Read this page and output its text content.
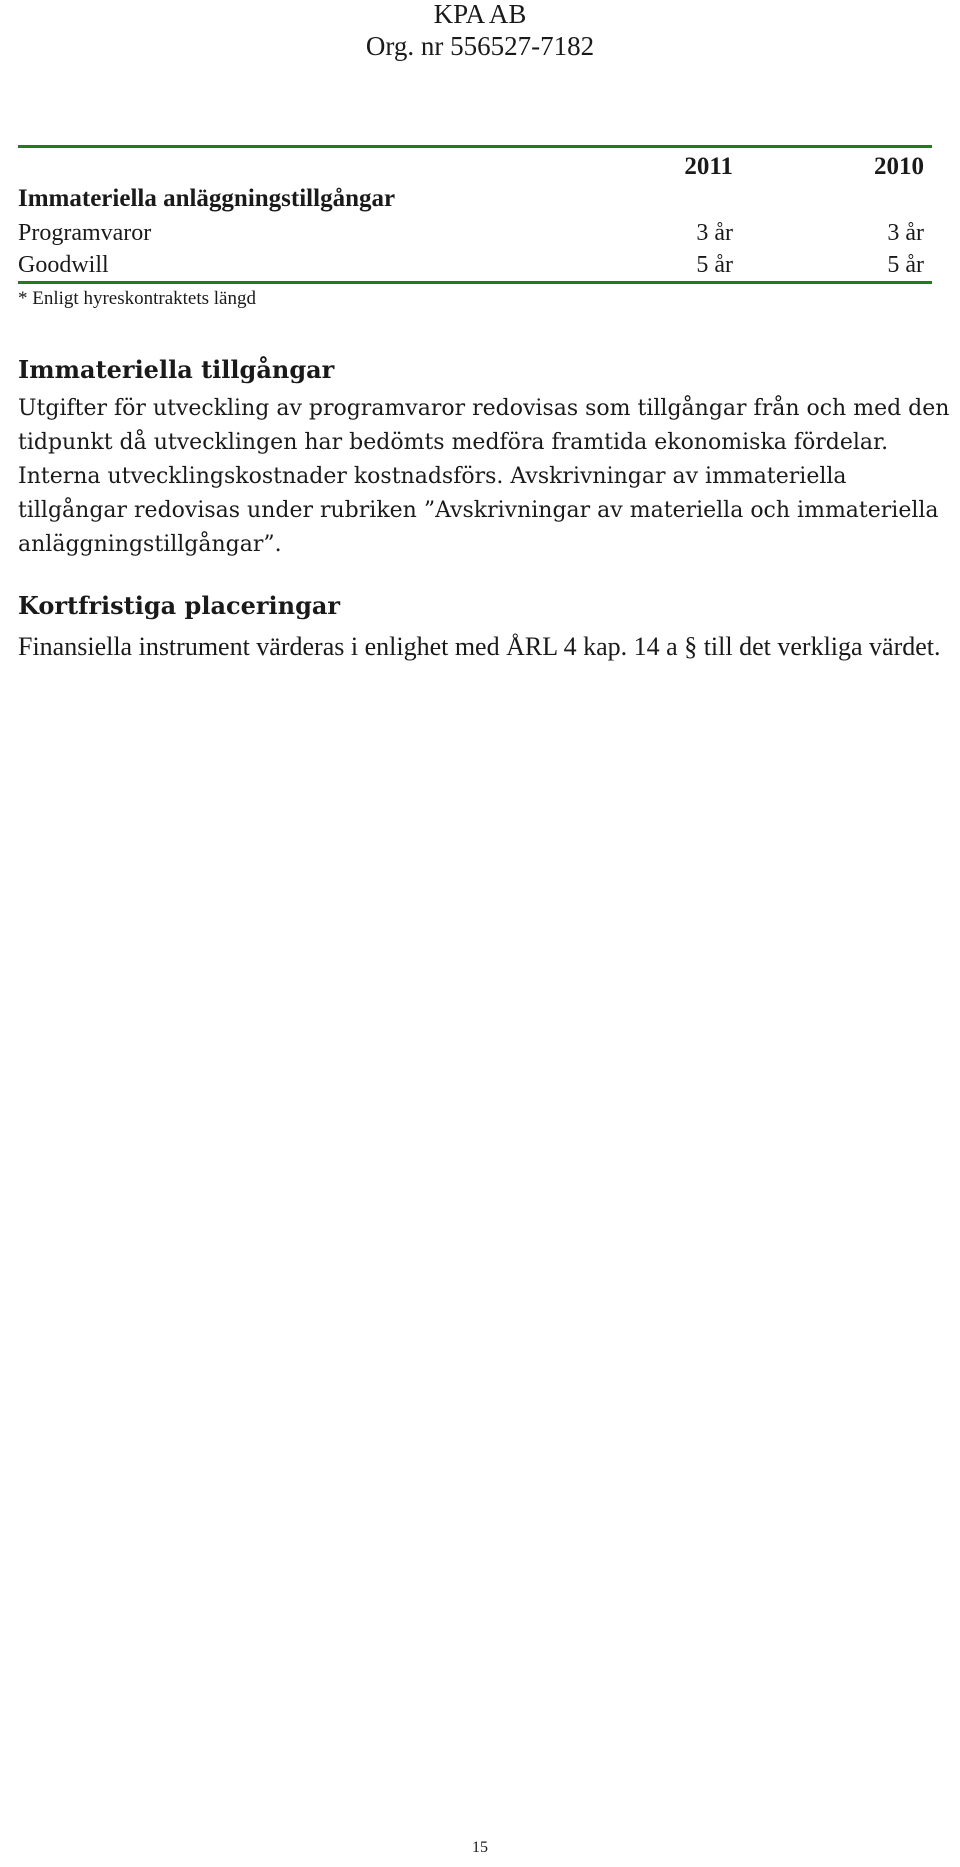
KPA AB
Org. nr 556527-7182
2011	2010
Immateriella anläggningstillgångar
Programvaror	3 år	3 år
Goodwill	5 år	5 år
* Enligt hyreskontraktets längd
Immateriella tillgångar
Utgifter för utveckling av programvaror redovisas som tillgångar från och med den tidpunkt då utvecklingen har bedömts medföra framtida ekonomiska fördelar. Interna utvecklingskostnader kostnadsförs. Avskrivningar av immateriella tillgångar redovisas under rubriken ”Avskrivningar av materiella och immateriella anläggningstillgångar”.
Kortfristiga placeringar
Finansiella instrument värderas i enlighet med ÅRL 4 kap. 14 a § till det verkliga värdet.
15
